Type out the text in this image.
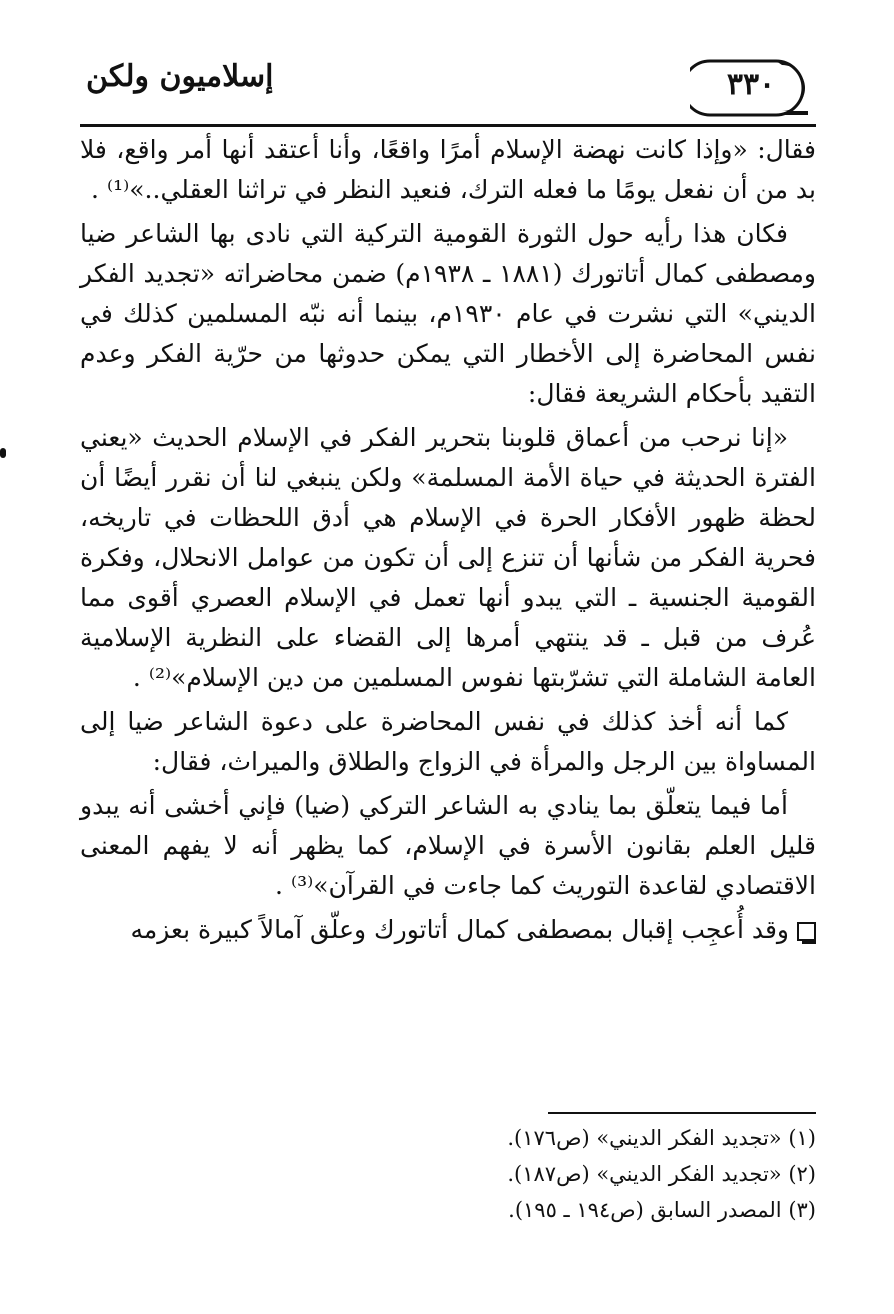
إسلاميون ولكن	٣٣٠

فقال: «وإذا كانت نهضة الإسلام أمرًا واقعًا، وأنا أعتقد أنها أمر واقع، فلا بد من أن نفعل يومًا ما فعله الترك، فنعيد النظر في تراثنا العقلي..»⁽¹⁾ .

فكان هذا رأيه حول الثورة القومية التركية التي نادى بها الشاعر ضيا ومصطفى كمال أتاتورك (١٨٨١ ـ ١٩٣٨م) ضمن محاضراته «تجديد الفكر الديني» التي نشرت في عام ١٩٣٠م، بينما أنه نبّه المسلمين كذلك في نفس المحاضرة إلى الأخطار التي يمكن حدوثها من حرّية الفكر وعدم التقيد بأحكام الشريعة فقال:

«إنا نرحب من أعماق قلوبنا بتحرير الفكر في الإسلام الحديث «يعني الفترة الحديثة في حياة الأمة المسلمة» ولكن ينبغي لنا أن نقرر أيضًا أن لحظة ظهور الأفكار الحرة في الإسلام هي أدق اللحظات في تاريخه، فحرية الفكر من شأنها أن تنزع إلى أن تكون من عوامل الانحلال، وفكرة القومية الجنسية ـ التي يبدو أنها تعمل في الإسلام العصري أقوى مما عُرف من قبل ـ قد ينتهي أمرها إلى القضاء على النظرية الإسلامية العامة الشاملة التي تشرّبتها نفوس المسلمين من دين الإسلام»⁽²⁾ .

كما أنه أخذ كذلك في نفس المحاضرة على دعوة الشاعر ضيا إلى المساواة بين الرجل والمرأة في الزواج والطلاق والميراث، فقال:

أما فيما يتعلّق بما ينادي به الشاعر التركي (ضيا) فإني أخشى أنه يبدو قليل العلم بقانون الأسرة في الإسلام، كما يظهر أنه لا يفهم المعنى الاقتصادي لقاعدة التوريث كما جاءت في القرآن»⁽³⁾ .

وقد أُعجِب إقبال بمصطفى كمال أتاتورك وعلّق آمالاً كبيرة بعزمه

(١) «تجديد الفكر الديني» (ص١٧٦).
(٢) «تجديد الفكر الديني» (ص١٨٧).
(٣) المصدر السابق (ص١٩٤ ـ ١٩٥).
